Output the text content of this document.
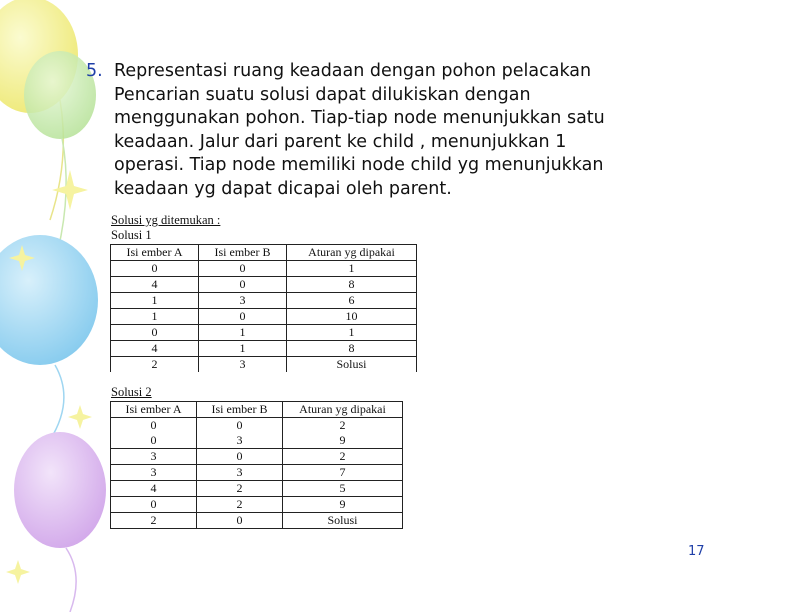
5. Representasi ruang keadaan dengan pohon pelacakan
Pencarian suatu solusi dapat dilukiskan dengan
menggunakan pohon. Tiap-tiap node menunjukkan satu
keadaan. Jalur dari parent ke child , menunjukkan 1
operasi. Tiap node memiliki node child yg menunjukkan
keadaan yg dapat dicapai oleh parent.
Solusi yg ditemukan :
Solusi 1
Isi ember A	Isi ember B	Aturan yg dipakai
0	0	1
4	0	8
1	3	6
1	0	10
0	1	1
4	1	8
2	3	Solusi
Solusi 2
Isi ember A	Isi ember B	Aturan yg dipakai
0	0	2
0	3	9
3	0	2
3	3	7
4	2	5
0	2	9
2	0	Solusi
17
